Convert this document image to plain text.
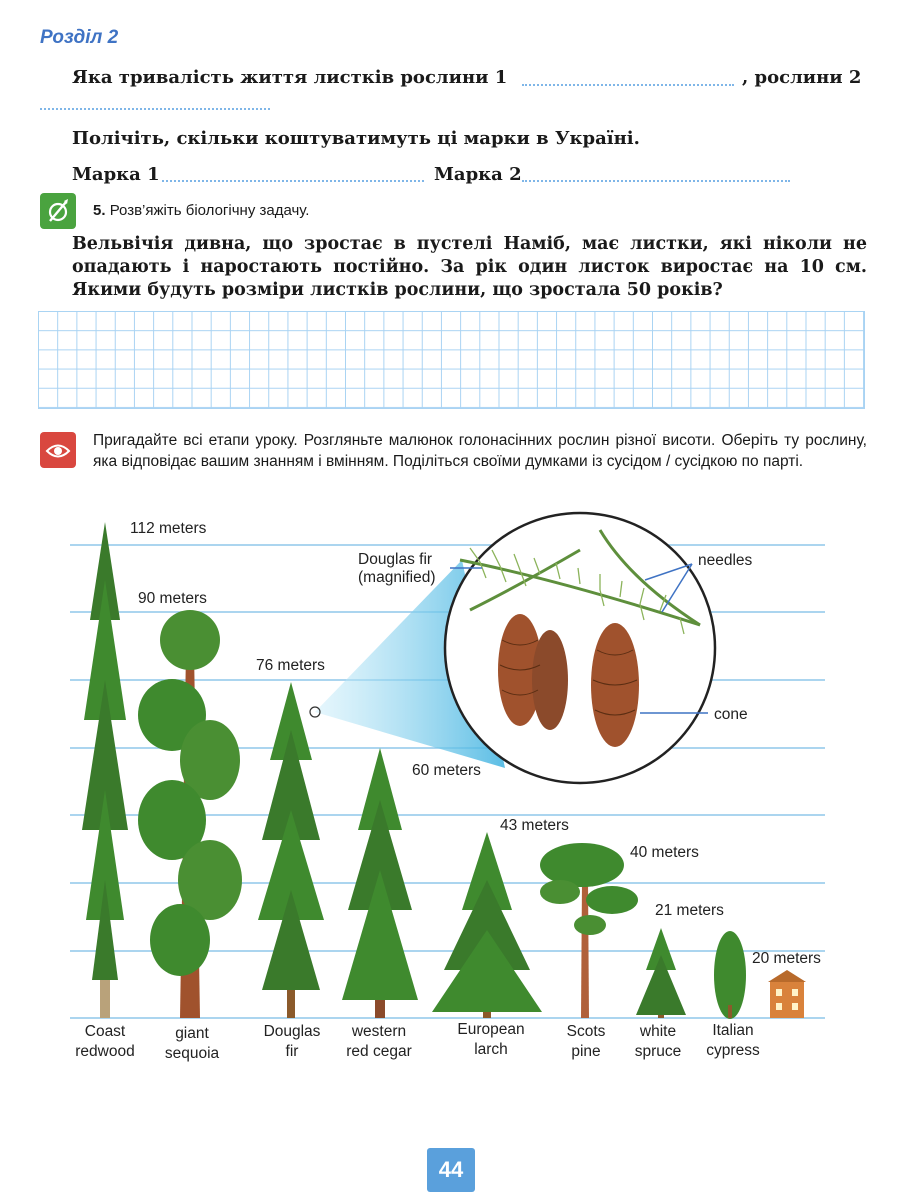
Розділ 2
Яка тривалість життя листків рослини 1	, рослини 2
Полічіть, скільки коштуватимуть ці марки в Україні.
Марка 1	Марка 2
5. Розв’яжіть біологічну задачу.
Вельвічія дивна, що зростає в пустелі Наміб, має листки, які ніколи не опадають і наростають постійно. За рік один листок виростає на 10 см. Якими будуть розміри листків рослини, що зростала 50 років?
Пригадайте всі етапи уроку. Розгляньте малюнок голонасінних рослин різної висоти. Оберіть ту рослину, яка відповідає вашим знанням і вмінням. Поділіться своїми думками із сусідом / сусідкою по парті.
112 meters
90 meters
76 meters
60 meters
43 meters
40 meters
21 meters
20 meters
Douglas fir
(magnified)
needles
cone
Coast
redwood
giant
sequoia
Douglas
fir
western
red cegar
European
larch
Scots
pine
white
spruce
Italian
cypress
44
